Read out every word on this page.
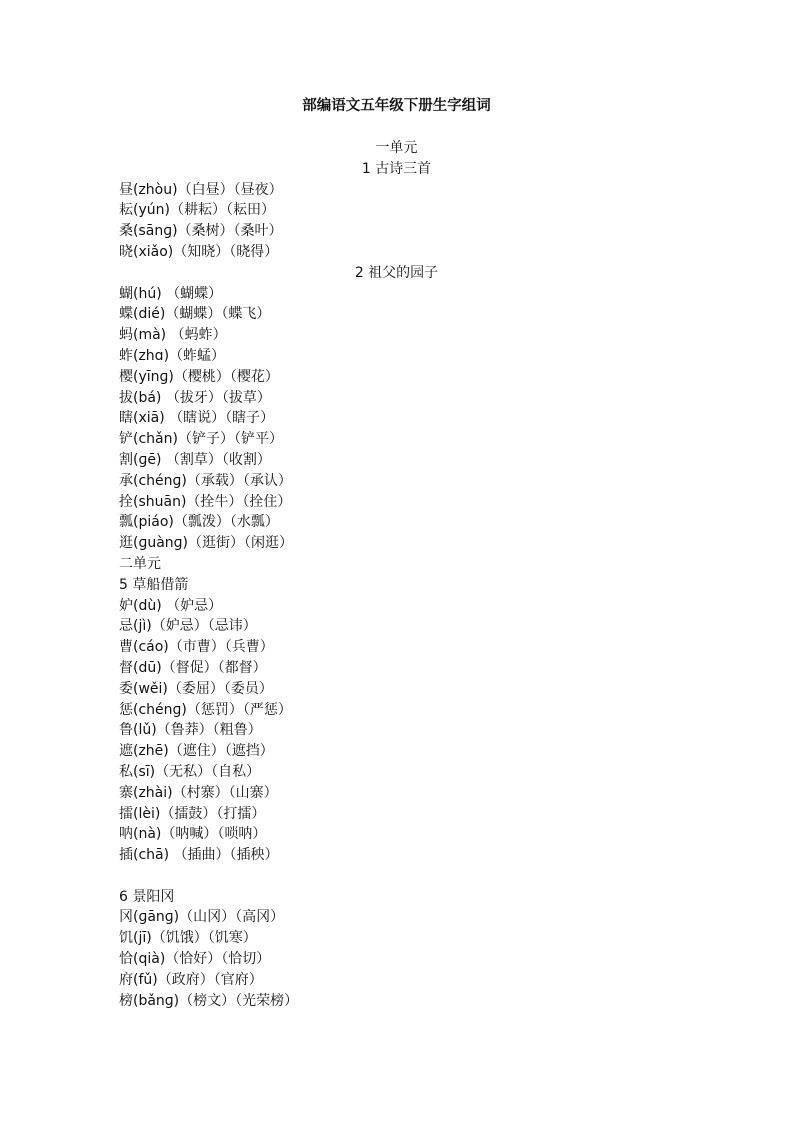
部编语文五年级下册生字组词
一单元
1 古诗三首
昼(zhòu)（白昼）（昼夜）
耘(yún)（耕耘）（耘田）
桑(sānɡ)（桑树）（桑叶）
晓(xiǎo)（知晓）（晓得）
2 祖父的园子
蝴(hú) （蝴蝶）
蝶(dié)（蝴蝶）（蝶飞）
蚂(mà) （蚂蚱）
蚱(zhɑ)（蚱蜢）
樱(yīnɡ)（樱桃）（樱花）
拔(bá) （拔牙）（拔草）
瞎(xiā) （瞎说）（瞎子）
铲(chǎn)（铲子）（铲平）
割(ɡē) （割草）（收割）
承(chénɡ)（承载）（承认）
拴(shuān)（拴牛）（拴住）
瓢(piáo)（瓢泼）（水瓢）
逛(ɡuànɡ)（逛街）（闲逛）
二单元
5 草船借箭
妒(dù) （妒忌）
忌(jì)（妒忌）（忌讳）
曹(cáo)（市曹）（兵曹）
督(dū)（督促）（都督）
委(wěi)（委屈）（委员）
惩(chénɡ)（惩罚）（严惩）
鲁(lǔ)（鲁莽）（粗鲁）
遮(zhē)（遮住）（遮挡）
私(sī)（无私）（自私）
寨(zhài)（村寨）（山寨）
擂(lèi)（擂鼓）（打擂）
呐(nà)（呐喊）（唢呐）
插(chā) （插曲）（插秧）
6 景阳冈
冈(ɡānɡ)（山冈）（高冈）
饥(jī)（饥饿）（饥寒）
恰(qià)（恰好）（恰切）
府(fǔ)（政府）（官府）
榜(bǎnɡ)（榜文）（光荣榜）
